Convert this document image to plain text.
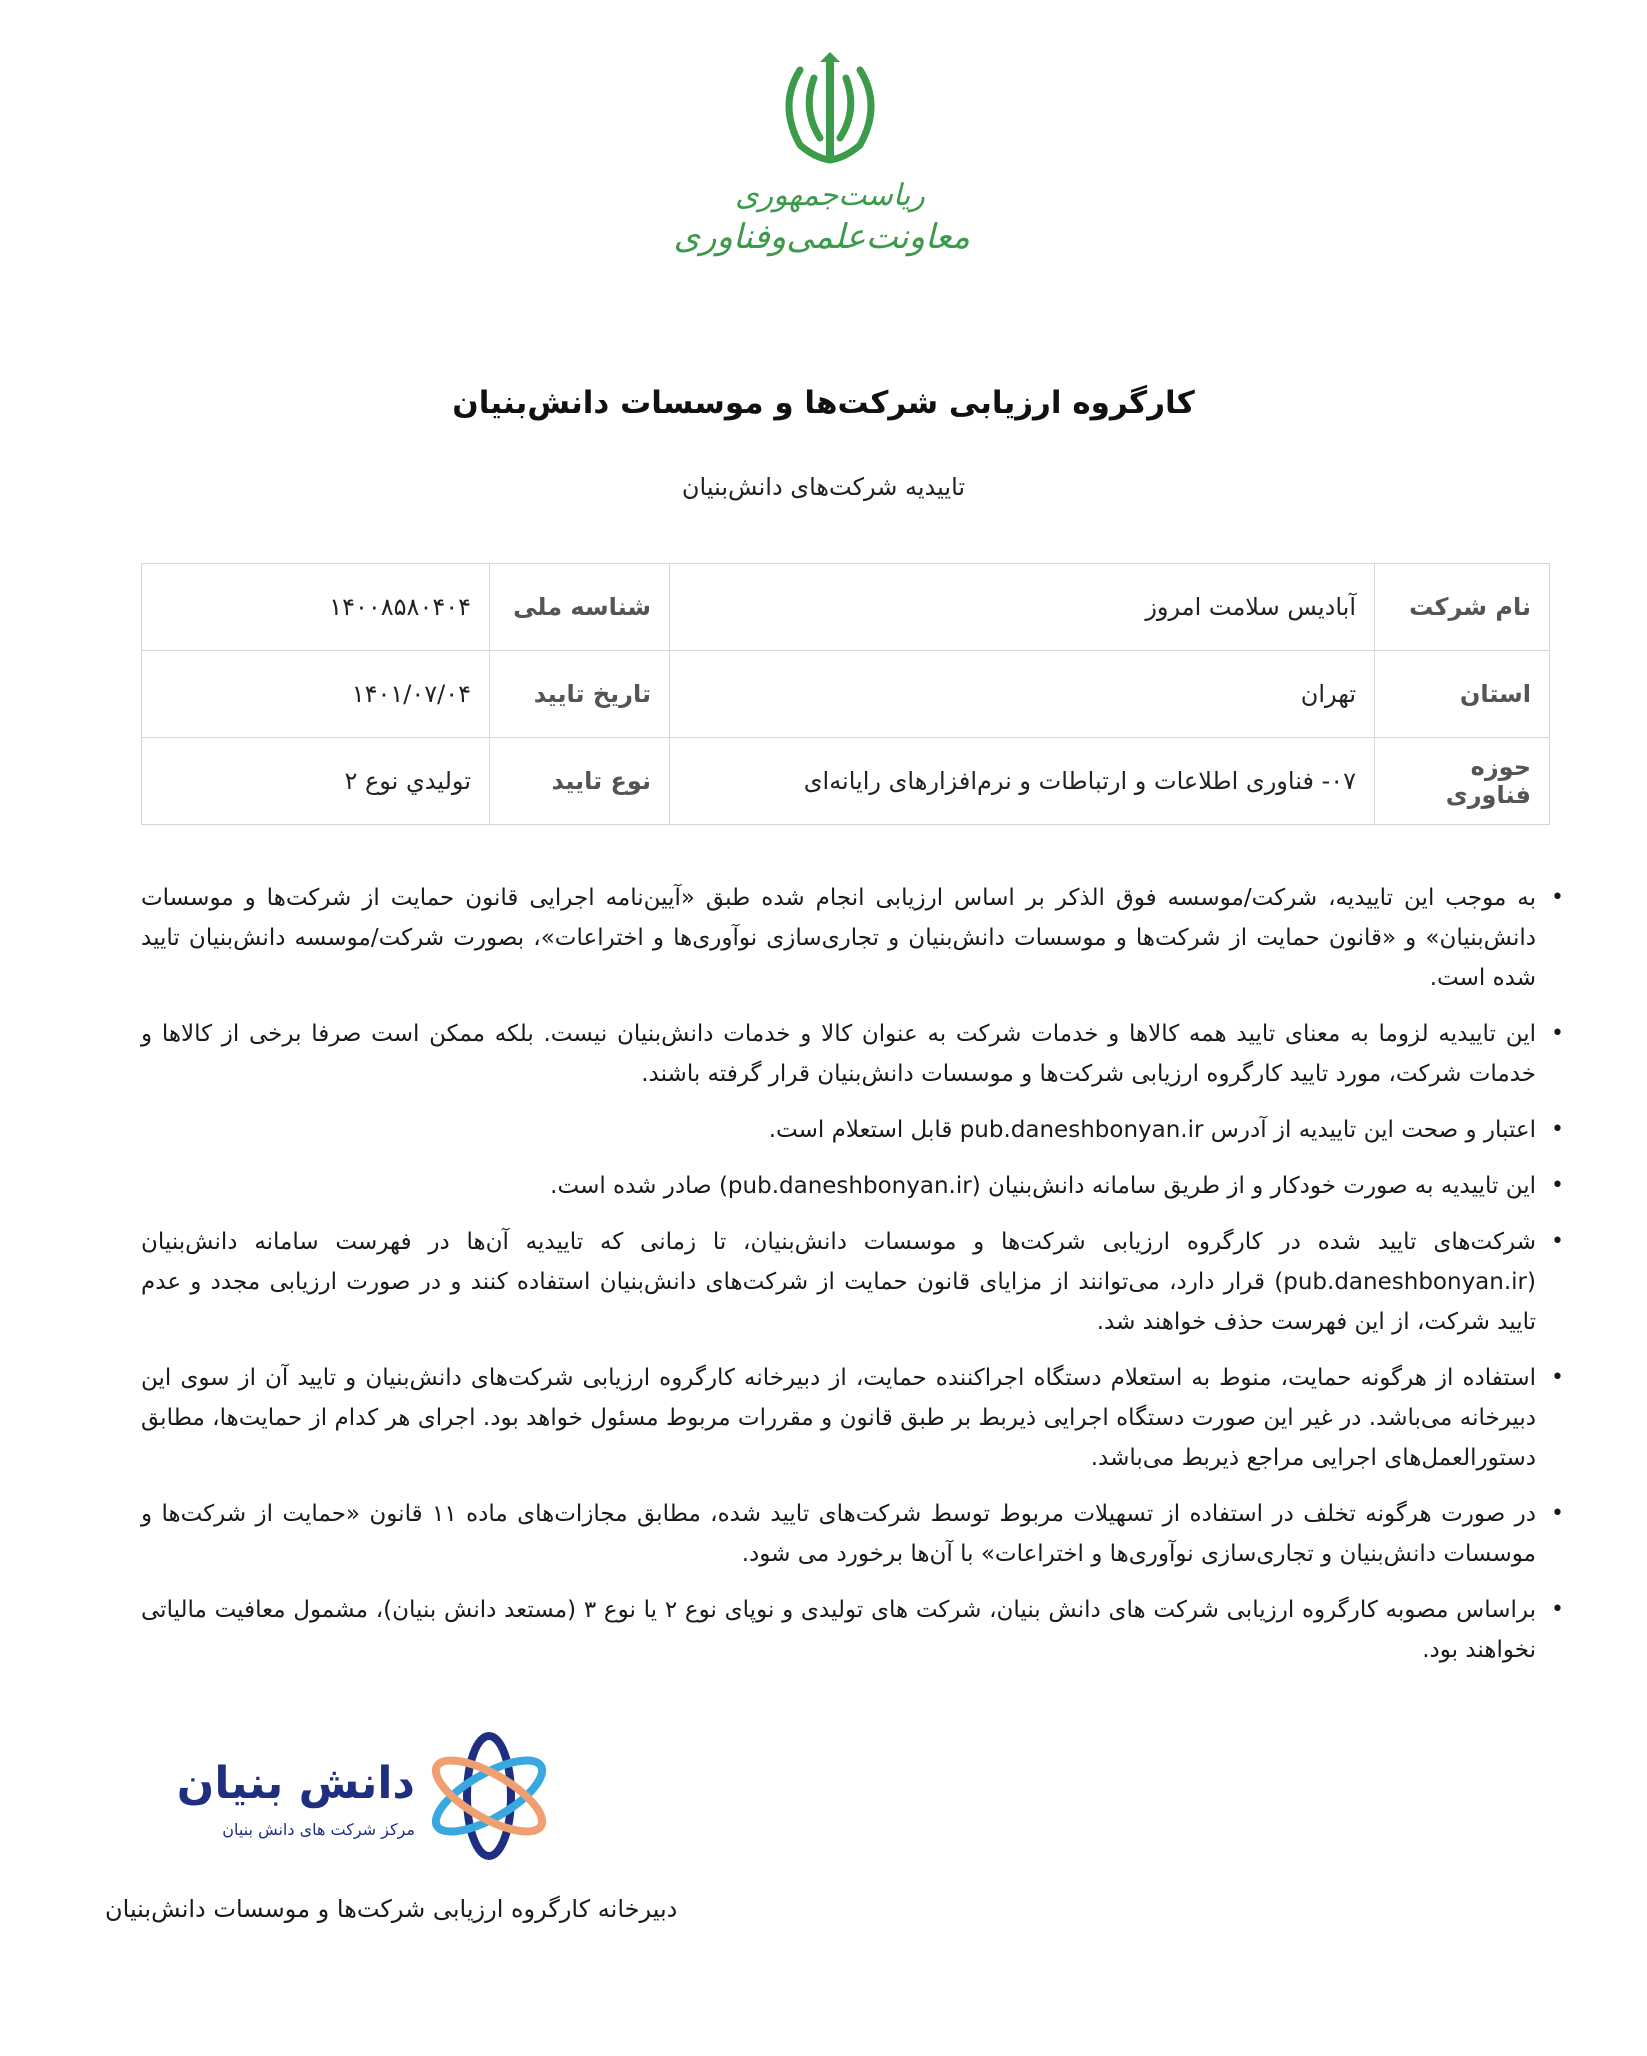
ریاست‌جمهوری
معاونت‌علمی‌وفناوری
کارگروه ارزیابی شرکت‌ها و موسسات دانش‌بنیان
تاییدیه شرکت‌های دانش‌بنیان
نام شرکت	آبادیس سلامت امروز	شناسه ملی	۱۴۰۰۸۵۸۰۴۰۴
استان	تهران	تاریخ تایید	۱۴۰۱/۰۷/۰۴
حوزه فناوری	۰۷- فناوری اطلاعات و ارتباطات و نرم‌افزارهای رایانه‌ای	نوع تایید	توليدي نوع ۲
•
به موجب این تاییدیه، شرکت/موسسه فوق الذکر بر اساس ارزیابی انجام شده طبق «آیین‌نامه اجرایی قانون حمایت از شرکت‌ها و موسسات دانش‌بنیان» و «قانون حمایت از شرکت‌ها و موسسات دانش‌بنیان و تجاری‌سازی نوآوری‌ها و اختراعات»، بصورت شرکت/موسسه دانش‌بنیان تایید شده است.
•
این تاییدیه لزوما به معنای تایید همه کالاها و خدمات شرکت به عنوان کالا و خدمات دانش‌بنیان نیست. بلکه ممکن است صرفا برخی از کالاها و خدمات شرکت، مورد تایید کارگروه ارزیابی شرکت‌ها و موسسات دانش‌بنیان قرار گرفته باشند.
•
اعتبار و صحت این تاییدیه از آدرس pub.daneshbonyan.ir قابل استعلام است.
•
این تاییدیه به صورت خودکار و از طریق سامانه دانش‌بنیان (pub.daneshbonyan.ir) صادر شده است.
•
شرکت‌های تایید شده در کارگروه ارزیابی شرکت‌ها و موسسات دانش‌بنیان، تا زمانی که تاییدیه آن‌ها در فهرست سامانه دانش‌بنیان (pub.daneshbonyan.ir) قرار دارد، می‌توانند از مزایای قانون حمایت از شرکت‌های دانش‌بنیان استفاده کنند و در صورت ارزیابی مجدد و عدم تایید شرکت، از این فهرست حذف خواهند شد.
•
استفاده از هرگونه حمایت، منوط به استعلام دستگاه اجراکننده حمایت، از دبیرخانه کارگروه ارزیابی شرکت‌های دانش‌بنیان و تایید آن از سوی این دبیرخانه می‌باشد. در غیر این صورت دستگاه اجرایی ذیربط بر طبق قانون و مقررات مربوط مسئول خواهد بود. اجرای هر کدام از حمایت‌ها، مطابق دستورالعمل‌های اجرایی مراجع ذیربط می‌باشد.
•
در صورت هرگونه تخلف در استفاده از تسهیلات مربوط توسط شرکت‌های تایید شده، مطابق مجازات‌های ماده ۱۱ قانون «حمایت از شرکت‌ها و موسسات دانش‌بنیان و تجاری‌سازی نوآوری‌ها و اختراعات» با آن‌ها برخورد می شود.
•
براساس مصوبه کارگروه ارزیابی شرکت های دانش بنیان، شرکت های تولیدی و نوپای نوع ۲ یا نوع ۳ (مستعد دانش بنیان)، مشمول معافیت مالیاتی نخواهند بود.
دانش بنیان
مرکز شرکت های دانش بنیان
دبیرخانه کارگروه ارزیابی شرکت‌ها و موسسات دانش‌بنیان
